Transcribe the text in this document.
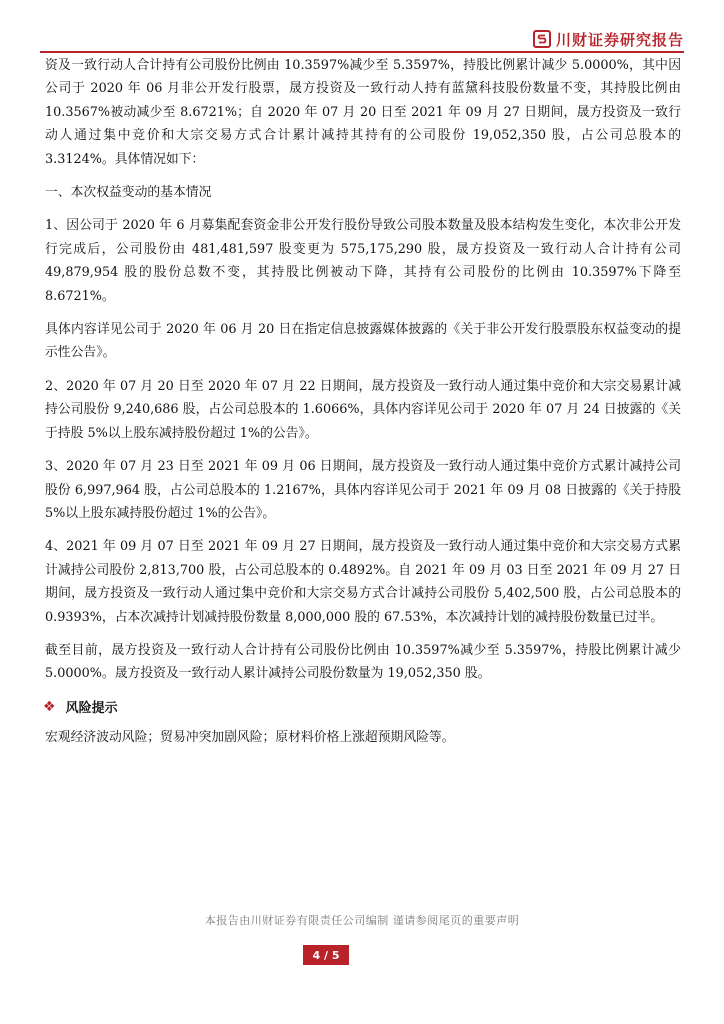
川财证券研究报告

资及一致行动人合计持有公司股份比例由 10.3597%减少至 5.3597%，持股比例累计减少 5.0000%，其中因公司于 2020 年 06 月非公开发行股票，晟方投资及一致行动人持有蓝黛科技股份数量不变，其持股比例由 10.3567%被动减少至 8.6721%；自 2020 年 07 月 20 日至 2021 年 09 月 27 日期间，晟方投资及一致行动人通过集中竞价和大宗交易方式合计累计减持其持有的公司股份 19,052,350 股，占公司总股本的 3.3124%。具体情况如下：

一、本次权益变动的基本情况

1、因公司于 2020 年 6 月募集配套资金非公开发行股份导致公司股本数量及股本结构发生变化，本次非公开发行完成后，公司股份由 481,481,597 股变更为 575,175,290 股，晟方投资及一致行动人合计持有公司 49,879,954 股的股份总数不变，其持股比例被动下降，其持有公司股份的比例由 10.3597%下降至 8.6721%。

具体内容详见公司于 2020 年 06 月 20 日在指定信息披露媒体披露的《关于非公开发行股票股东权益变动的提示性公告》。

2、2020 年 07 月 20 日至 2020 年 07 月 22 日期间，晟方投资及一致行动人通过集中竞价和大宗交易累计减持公司股份 9,240,686 股，占公司总股本的 1.6066%，具体内容详见公司于 2020 年 07 月 24 日披露的《关于持股 5%以上股东减持股份超过 1%的公告》。

3、2020 年 07 月 23 日至 2021 年 09 月 06 日期间，晟方投资及一致行动人通过集中竞价方式累计减持公司股份 6,997,964 股，占公司总股本的 1.2167%，具体内容详见公司于 2021 年 09 月 08 日披露的《关于持股 5%以上股东减持股份超过 1%的公告》。

4、2021 年 09 月 07 日至 2021 年 09 月 27 日期间，晟方投资及一致行动人通过集中竞价和大宗交易方式累计减持公司股份 2,813,700 股，占公司总股本的 0.4892%。自 2021 年 09 月 03 日至 2021 年 09 月 27 日期间，晟方投资及一致行动人通过集中竞价和大宗交易方式合计减持公司股份 5,402,500 股，占公司总股本的 0.9393%，占本次减持计划减持股份数量 8,000,000 股的 67.53%，本次减持计划的减持股份数量已过半。

截至目前，晟方投资及一致行动人合计持有公司股份比例由 10.3597%减少至 5.3597%，持股比例累计减少 5.0000%。晟方投资及一致行动人累计减持公司股份数量为 19,052,350 股。

❖ 风险提示

宏观经济波动风险；贸易冲突加剧风险；原材料价格上涨超预期风险等。

本报告由川财证券有限责任公司编制 谨请参阅尾页的重要声明
4 / 5
